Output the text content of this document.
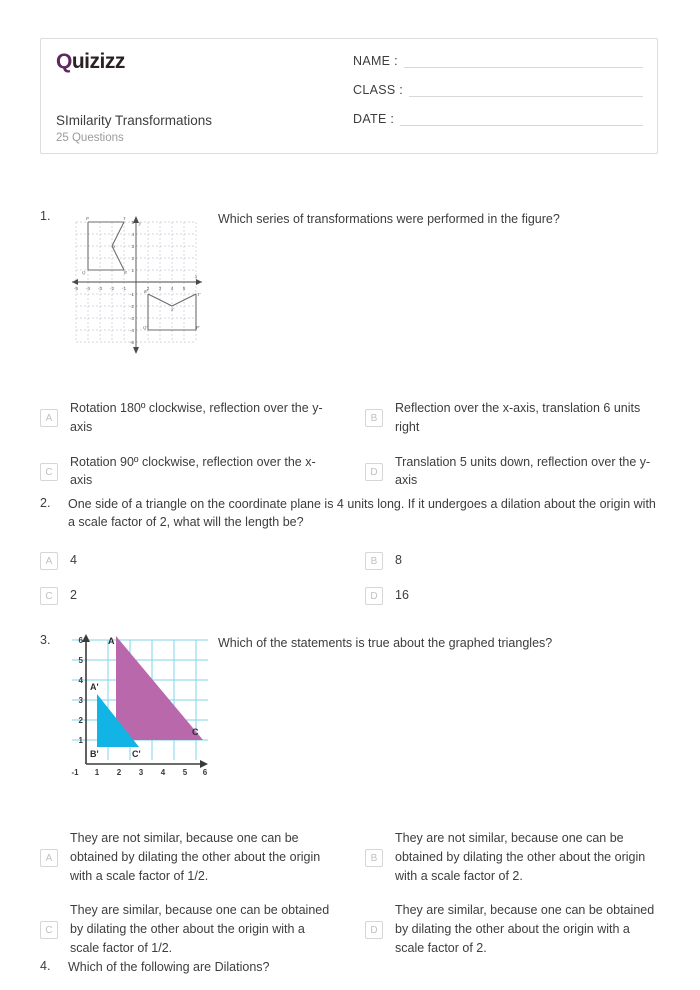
Quizizz
SImilarity Transformations
25 Questions
NAME :
CLASS :
DATE :
1.
x
y
-5 -4 -3 -2 -1	2 3 4 5
5
4
3
2
1
-1
-2
-3
-4
-5
P	T
S
Q	R
R'
S'
T'
Q'	P'
Which series of transformations were performed in the figure?
A
Rotation 180º clockwise, reflection over the y-axis
B
Reflection over the x-axis, translation 6 units right
C
Rotation 90º clockwise, reflection over the x-axis
D
Translation 5 units down, reflection over the y-axis
2.	One side of a triangle on the coordinate plane is 4 units long. If it undergoes a dilation about the origin with a scale factor of 2, what will the length be?
A	4	B	8
C	2	D	16
3.	6
5
4
3
2
1
-1 1 2 3 4 5 6
A
C
A'
B'	C'
Which of the statements is true about the graphed triangles?
A
They are not similar, because one can be obtained by dilating the other about the origin with a scale factor of 1/2.
B
They are not similar, because one can be obtained by dilating the other about the origin with a scale factor of 2.
C
They are similar, because one can be obtained by dilating the other about the origin with a scale factor of 1/2.
D
They are similar, because one can be obtained by dilating the other about the origin with a scale factor of 2.
4.	Which of the following are Dilations?
